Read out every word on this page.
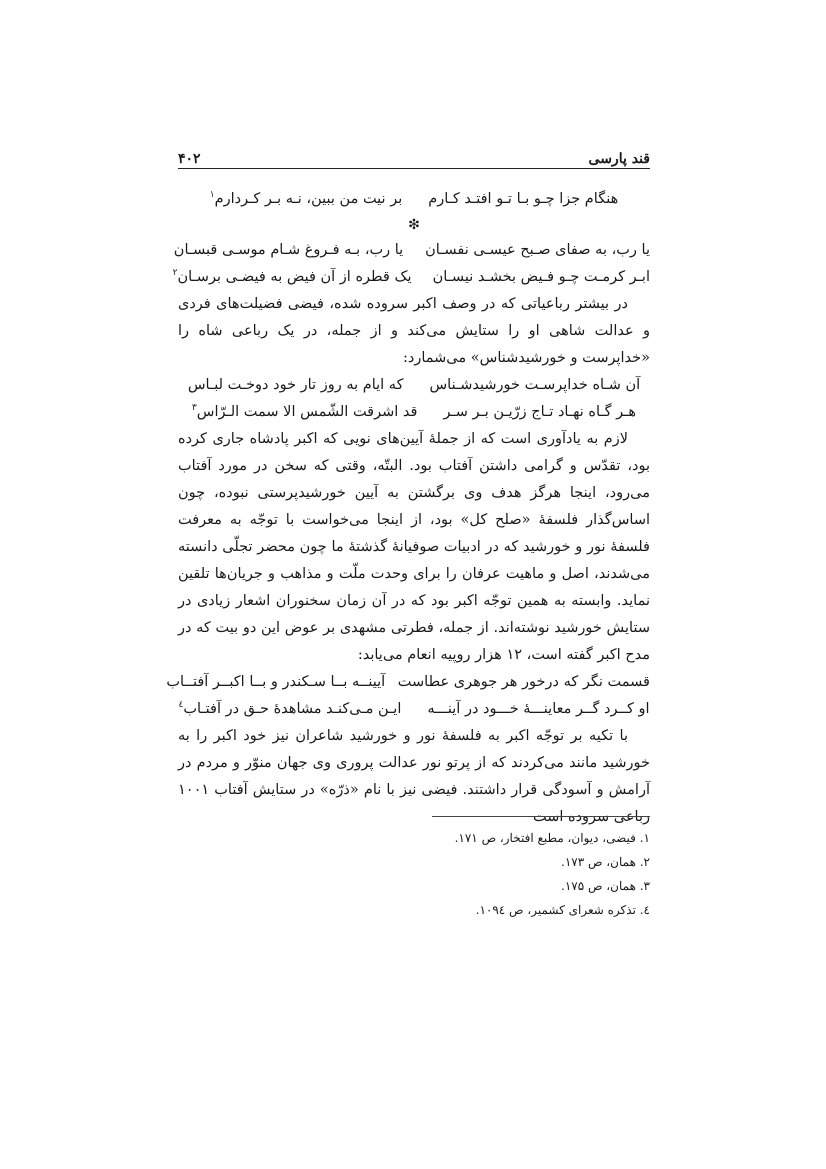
قند پارسی
۴۰۲
هنگام جزا چـو بـا تـو افتـد کـارم
بر نیت من ببین، نـه بـر کـردارم$^۱$
❇
یا رب، به صفای صـبح عیسـی نفسـان
یا رب، بـه فـروغ شـام موسـی قبسـان
ابـر کرمـت چـو فـیض بخشـد نیسـان
یک قطره از آن فیض به فیضـی برسـان$^۲$

در بیشتر رباعیاتی که در وصف اکبر سروده شده، فیضی فضیلت‌های فردی و عدالت شاهی او را ستایش می‌کند و از جمله، در یک رباعی شاه را «خداپرست و خورشیدشناس» می‌شمارد:

آن شـاه خداپرسـت خورشیدشـناس
که ایام به روز تار خود دوخـت لبـاس
هـر گـاه نهـاد تـاج زرّیـن بـر سـر
قد اشرقت الشّمس الا سمت الـرّاس$^۳$

لازم به یادآوری است که از جملهٔ آیین‌های نویی که اکبر پادشاه جاری کرده بود، تقدّس و گرامی داشتن آفتاب بود. البتّه، وقتی که سخن در مورد آفتاب می‌رود، اینجا هرگز هدف وی برگشتن به آیین خورشیدپرستی نبوده، چون اساس‌گذار فلسفهٔ «صلح کل» بود، از اینجا می‌خواست با توجّه به معرفت فلسفهٔ نور و خورشید که در ادبیات صوفیانهٔ گذشتهٔ ما چون محضر تجلّی دانسته می‌شدند، اصل و ماهیت عرفان را برای وحدت ملّت و مذاهب و جریان‌ها تلقین نماید. وابسته به همین توجّه اکبر بود که در آن زمان سخنوران اشعار زیادی در ستایش خورشید نوشته‌اند. از جمله، فطرتی مشهدی بر عوض این دو بیت که در مدح اکبر گفته است، ۱۲ هزار روپیه انعام می‌یابد:

قسمت نگر که درخور هر جوهری عطاست
آیینــه بــا سـکندر و بــا اکبــر آفتــاب
او کــرد گــر معاینـــهٔ خـــود در آینـــه
ایـن مـی‌کنـد مشاهدهٔ حـق در آفتـاب$^٤$

با تکیه بر توجّه اکبر به فلسفهٔ نور و خورشید شاعران نیز خود اکبر را به خورشید مانند می‌کردند که از پرتو نور عدالت پروری وی جهان منوّر و مردم در آرامش و آسودگی قرار داشتند. فیضی نیز با نام «ذرّه» در ستایش آفتاب ۱۰۰۱ رباعی سروده است

۱. فیضی، دیوان، مطبع افتخار، ص ۱۷۱.
۲. همان، ص ۱۷۳.
۳. همان، ص ۱۷۵.
٤. تذکره شعرای کشمیر، ص ۱۰۹٤.
